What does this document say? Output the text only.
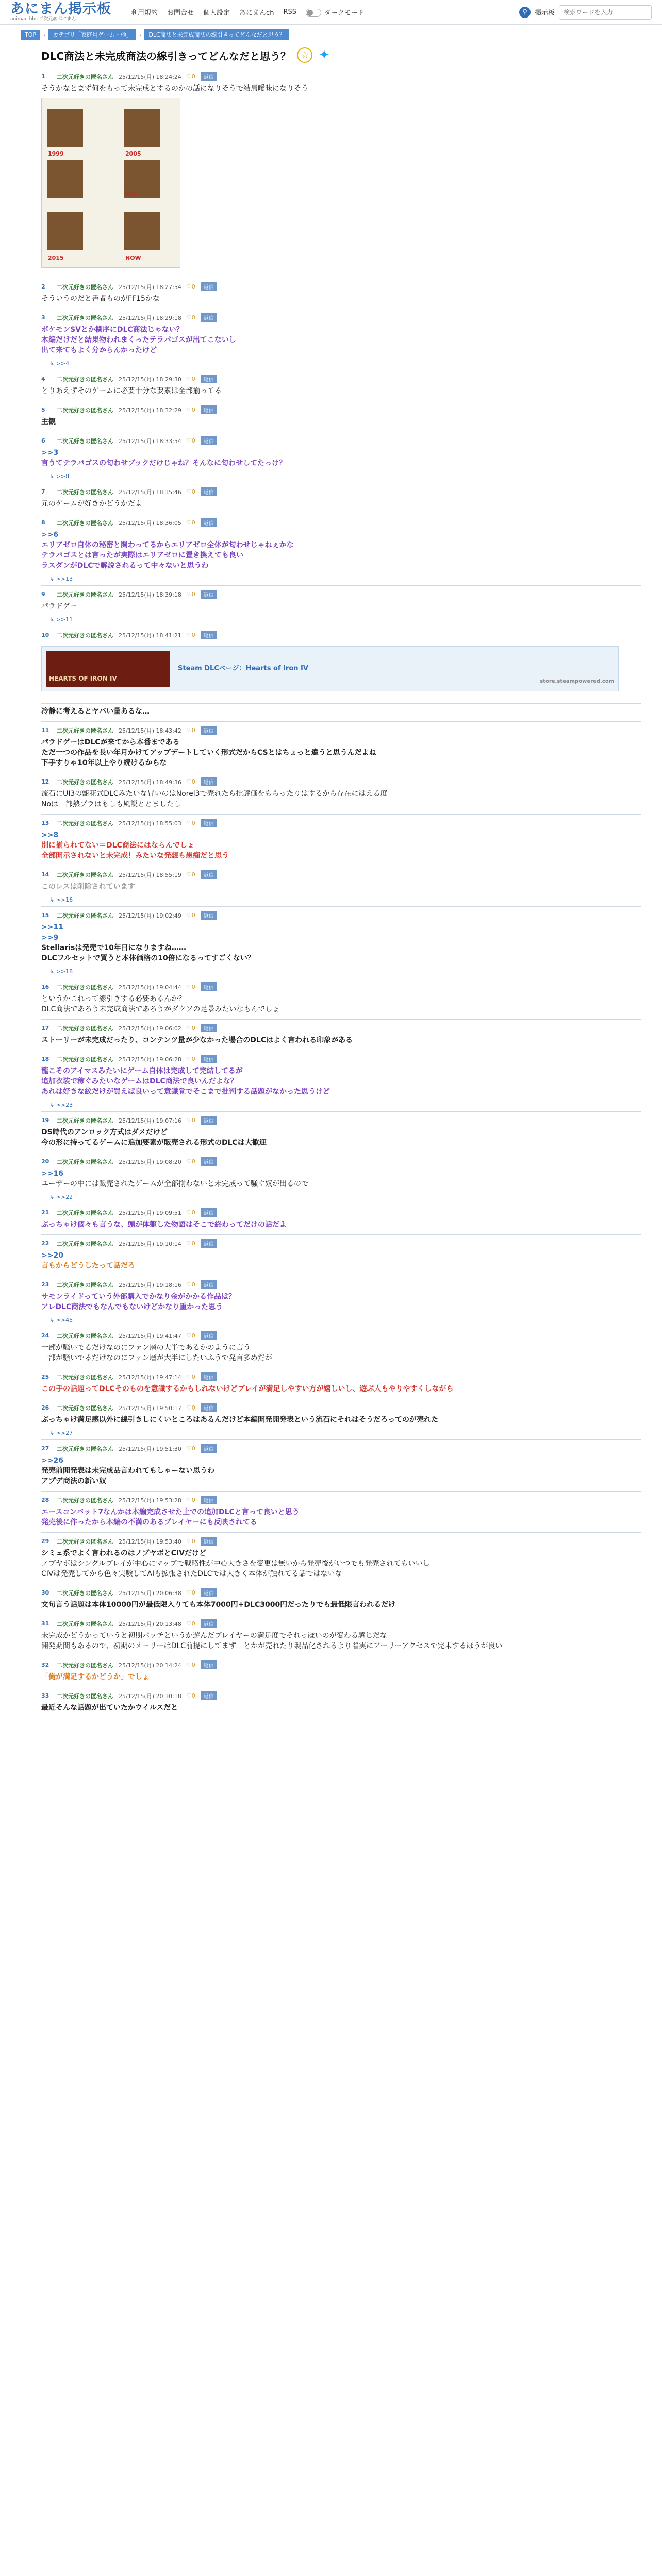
あにまん掲示板
animan bbs 二次元@ぷにまん
利用規約 お問合せ 個人設定 あにまんch RSS	ダークモード	⚲	掲示板
検索ワードを入力
TOP	›	カテゴリ「家庭用ゲーム・他」	›	DLC商法と未完成商法の線引きってどんなだと思う？
DLC商法と未完成商法の線引きってどんなだと思う？ ☆ ✦
1	二次元好きの匿名さん 25/12/15(月) 18:24:24 ♡0	返信
そうかなとまず何をもって未完成とするのかの話になりそうで結局曖昧になりそう
1999	2005
DLC
2015	NOW
2	二次元好きの匿名さん 25/12/15(月) 18:27:54 ♡0	返信
そういうのだと書者ものがFF15かな
3	二次元好きの匿名さん 25/12/15(月) 18:29:18 ♡0	返信
ポケモンSVとか欄序にDLC商法じゃない？
本編だけだと結果物われまくったテラパゴスが出てこないし
出て来てもよく分からんかったけど
↳ >>4
4	二次元好きの匿名さん 25/12/15(月) 18:29:30 ♡0	返信
とりあえずそのゲームに必要十分な要素は全部揃ってる
5	二次元好きの匿名さん 25/12/15(月) 18:32:29 ♡0	返信
主観
6	二次元好きの匿名さん 25/12/15(月) 18:33:54 ♡0	返信
>>3
言うてテラパゴスの匂わせブックだけじゃね？そんなに匂わせしてたっけ？
↳ >>8
7	二次元好きの匿名さん 25/12/15(月) 18:35:46 ♡0	返信
元のゲームが好きかどうかだよ
8	二次元好きの匿名さん 25/12/15(月) 18:36:05 ♡0	返信
>>6
エリアゼロ自体の秘密と関わってるからエリアゼロ全体が匂わせじゃねぇかな
テラパゴスとは言ったが実際はエリアゼロに置き換えても良い
ラスダンがDLCで解説されるって中々ないと思うわ
↳ >>13
9	二次元好きの匿名さん 25/12/15(月) 18:39:18 ♡0	返信
パラドゲー
↳ >>11
10	二次元好きの匿名さん 25/12/15(月) 18:41:21 ♡0	返信
HEARTS OF IRON IV
Steam DLCページ：Hearts of Iron IV
store.steampowered.com
冷静に考えるとヤバい量あるな…
11	二次元好きの匿名さん 25/12/15(月) 18:43:42 ♡0	返信
パラドゲーはDLCが来てから本番まである
ただ一つの作品を長い年月かけてアップデートしていく形式だからCSとはちょっと違うと思うんだよね
下手すりゃ10年以上やり続けるからな
12	二次元好きの匿名さん 25/12/15(月) 18:49:36 ♡0	返信
流石にUI3の甑花式DLCみたいな冒いのはNorel3で売れたら批評価をもらったりはするから存在にはえる度
Noは一部熱プラはもしも風説ととましたし
13	二次元好きの匿名さん 25/12/15(月) 18:55:03 ♡0	返信
>>8
別に揃られてない＝DLC商法にはならんでしょ
全部開示されないと未完成！みたいな発想も愚痴だと思う
14	二次元好きの匿名さん 25/12/15(月) 18:55:19 ♡0	返信
このレスは削除されています
↳ >>16
15	二次元好きの匿名さん 25/12/15(月) 19:02:49 ♡0	返信
>>11
>>9
Stellarisは発売で10年目になりますね……
DLCフルセットで買うと本体価格の10倍になるってすごくない？
↳ >>18
16	二次元好きの匿名さん 25/12/15(月) 19:04:44 ♡0	返信
というかこれって線引きする必要あるんか？
DLC商法であろう未完成商法であろうがダクソの足暴みたいなもんでしょ
17	二次元好きの匿名さん 25/12/15(月) 19:06:02 ♡0	返信
ストーリーが未完成だったり、コンテンツ量が少なかった場合のDLCはよく言われる印象がある
18	二次元好きの匿名さん 25/12/15(月) 19:06:28 ♡0	返信
龍こそのアイマスみたいにゲーム自体は完成して完結してるが
追加衣装で稼ぐみたいなゲームはDLC商法で良いんだよな？
あれは好きな紋だけが買えば良いって意識覚でそこまで批判する話題がなかった思うけど
↳ >>23
19	二次元好きの匿名さん 25/12/15(月) 19:07:16 ♡0	返信
DS時代のアンロック方式はダメだけど
今の形に持ってるゲームに追加要素が販売される形式のDLCは大歓迎
20	二次元好きの匿名さん 25/12/15(月) 19:08:20 ♡0	返信
>>16
ユーザーの中には販売されたゲームが全部揃わないと未完成って騒ぐ奴が出るので
↳ >>22
21	二次元好きの匿名さん 25/12/15(月) 19:09:51 ♡0	返信
ぶっちゃけ個々も言うな、頭が体躯した物語はそこで終わってだけの話だよ
22	二次元好きの匿名さん 25/12/15(月) 19:10:14 ♡0	返信
>>20
言もからどうしたって話だろ
23	二次元好きの匿名さん 25/12/15(月) 19:18:16 ♡0	返信
サモンライドっていう外部購入でかなり金がかかる作品は？
アレDLC商法でもなんでもないけどかなり重かった思う
↳ >>45
24	二次元好きの匿名さん 25/12/15(月) 19:41:47 ♡0	返信
一部が騒いでるだけなのにファン層の大半であるかのように言う
一部が騒いでるだけなのにファン層が大半にしたいふうで発言多めだが
25	二次元好きの匿名さん 25/12/15(月) 19:47:14 ♡0	返信
この手の話題ってDLCそのものを意識するかもしれないけどプレイが満足しやすい方が嬉しいし、遊ぶ人もやりやすくしながら
26	二次元好きの匿名さん 25/12/15(月) 19:50:17 ♡0	返信
ぶっちゃけ満足感以外に線引きしにくいところはあるんだけど本編開発開発表という流石にそれはそうだろってのが売れた
↳ >>27
27	二次元好きの匿名さん 25/12/15(月) 19:51:30 ♡0	返信
>>26
発売前開発表は未完成品言われてもしゃーない思うわ
アプデ商法の新い奴
28	二次元好きの匿名さん 25/12/15(月) 19:53:28 ♡0	返信
エースコンバット7なんかは本編完成させた上での追加DLCと言って良いと思う
発売後に作ったから本編の不満のあるプレイヤーにも反映されてる
29	二次元好きの匿名さん 25/12/15(月) 19:53:40 ♡0	返信
シミュ系でよく言われるのはノブヤボとCIVだけど
ノブヤボはシングルプレイが中心にマップで戦略性が中心大きさを変更は無いから発売後がいつでも発売されてもいいし
CIVは発売してから色々実験してAIも拡張されたDLCでは大きく本体が触れてる話ではないな
30	二次元好きの匿名さん 25/12/15(月) 20:06:38 ♡0	返信
文句言う話題は本体10000円が最低限入りても本体7000円+DLC3000円だったりでも最低限言われるだけ
31	二次元好きの匿名さん 25/12/15(月) 20:13:48 ♡0	返信
未完成かどうかっていうと初期パッチというか遊んだプレイヤーの満足度でそれっぽいのが変わる感じだな
開発期間もあるので、初期のメーリーはDLC前提にしてまず「とかが売れたり製品化されるより着実にアーリーアクセスで完未するほうが良い
32	二次元好きの匿名さん 25/12/15(月) 20:14:24 ♡0	返信
「俺が満足するかどうか」でしょ
33	二次元好きの匿名さん 25/12/15(月) 20:30:18 ♡0	返信
最近そんな話題が出ていたかウイルスだと
